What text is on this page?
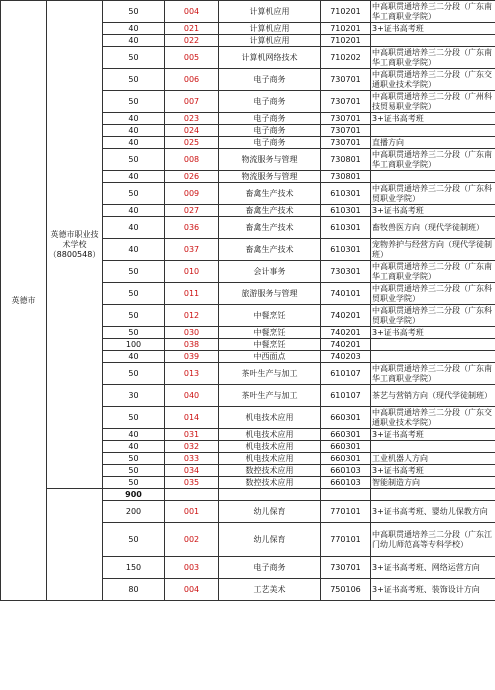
英德市	英德市职业技术学校（8800548）	50	004	计算机应用	710201	中高职贯通培养三二分段（广东南华工商职业学院）
		40	021	计算机应用	710201	3+证书高考班
		40	022	计算机应用	710201	
		50	005	计算机网络技术	710202	中高职贯通培养三二分段（广东南华工商职业学院）
		50	006	电子商务	730701	中高职贯通培养三二分段（广东交通职业技术学院）
		50	007	电子商务	730701	中高职贯通培养三二分段（广州科技贸易职业学院）
		40	023	电子商务	730701	3+证书高考班
		40	024	电子商务	730701	
		40	025	电子商务	730701	直播方向
		50	008	物流服务与管理	730801	中高职贯通培养三二分段（广东南华工商职业学院）
		40	026	物流服务与管理	730801	
		50	009	畜禽生产技术	610301	中高职贯通培养三二分段（广东科贸职业学院）
		40	027	畜禽生产技术	610301	3+证书高考班
		40	036	畜禽生产技术	610301	畜牧兽医方向（现代学徒制班）
		40	037	畜禽生产技术	610301	宠物养护与经营方向（现代学徒制班）
		50	010	会计事务	730301	中高职贯通培养三二分段（广东南华工商职业学院）
		50	011	旅游服务与管理	740101	中高职贯通培养三二分段（广东科贸职业学院）
		50	012	中餐烹饪	740201	中高职贯通培养三二分段（广东科贸职业学院）
		50	030	中餐烹饪	740201	3+证书高考班
		100	038	中餐烹饪	740201	
		40	039	中西面点	740203	
		50	013	茶叶生产与加工	610107	中高职贯通培养三二分段（广东南华工商职业学院）
		30	040	茶叶生产与加工	610107	茶艺与营销方向（现代学徒制班）
		50	014	机电技术应用	660301	中高职贯通培养三二分段（广东交通职业技术学院）
		40	031	机电技术应用	660301	3+证书高考班
		40	032	机电技术应用	660301	
		50	033	机电技术应用	660301	工业机器人方向
		50	034	数控技术应用	660103	3+证书高考班
		50	035	数控技术应用	660103	智能制造方向
		900				
		200	001	幼儿保育	770101	3+证书高考班、婴幼儿保教方向
		50	002	幼儿保育	770101	中高职贯通培养三二分段（广东江门幼儿师范高等专科学校）
		150	003	电子商务	730701	3+证书高考班、网络运营方向
		80	004	工艺美术	750106	3+证书高考班、装饰设计方向
